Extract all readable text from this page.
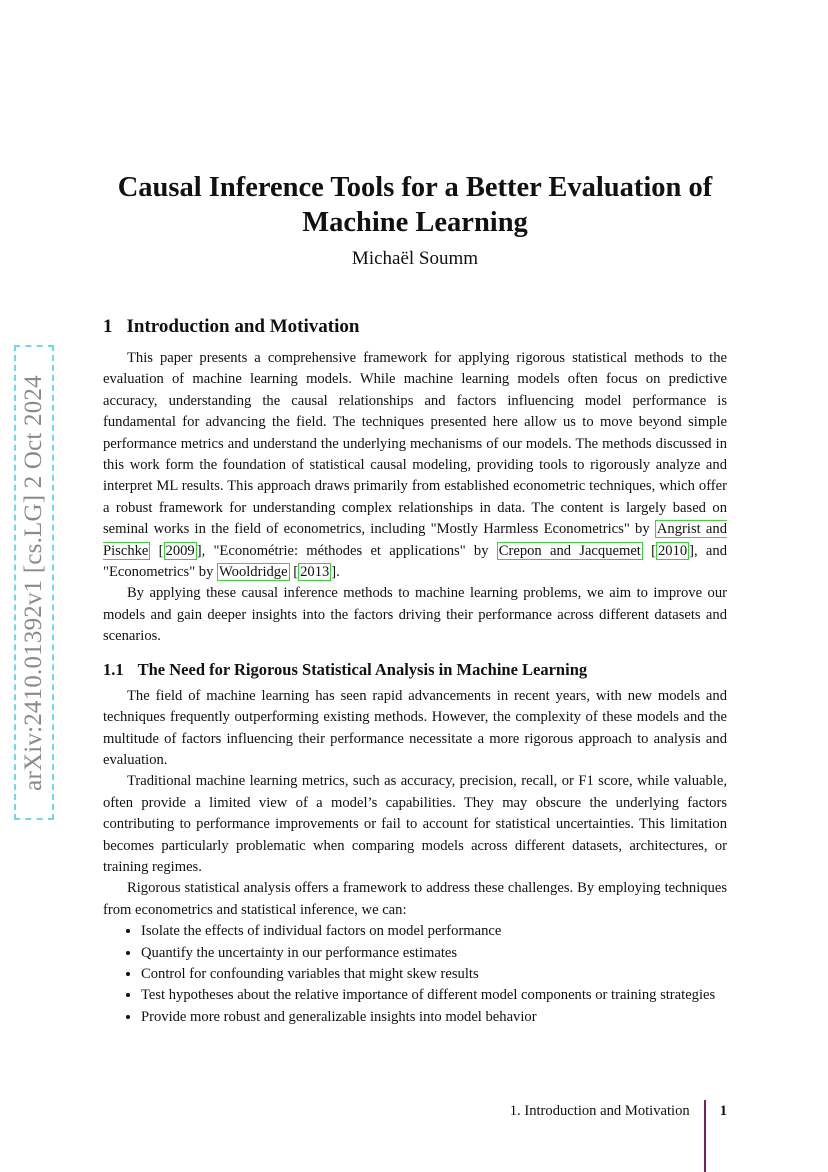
arXiv:2410.01392v1 [cs.LG] 2 Oct 2024
Causal Inference Tools for a Better Evaluation of Machine Learning
Michaël Soumm
1 Introduction and Motivation

This paper presents a comprehensive framework for applying rigorous statistical methods to the evaluation of machine learning models. While machine learning models often focus on predictive accuracy, understanding the causal relationships and factors influencing model performance is fundamental for advancing the field. The techniques presented here allow us to move beyond simple performance metrics and understand the underlying mechanisms of our models. The methods discussed in this work form the foundation of statistical causal modeling, providing tools to rigorously analyze and interpret ML results. This approach draws primarily from established econometric techniques, which offer a robust framework for understanding complex relationships in data. The content is largely based on seminal works in the field of econometrics, including "Mostly Harmless Econometrics" by Angrist and Pischke [ 2009 ], "Econométrie: méthodes et applications" by Crepon and Jacquemet [ 2010 ], and "Econometrics" by Wooldridge [ 2013 ].

By applying these causal inference methods to machine learning problems, we aim to improve our models and gain deeper insights into the factors driving their performance across different datasets and scenarios.

1.1 The Need for Rigorous Statistical Analysis in Machine Learning

The field of machine learning has seen rapid advancements in recent years, with new models and techniques frequently outperforming existing methods. However, the complexity of these models and the multitude of factors influencing their performance necessitate a more rigorous approach to analysis and evaluation.

Traditional machine learning metrics, such as accuracy, precision, recall, or F1 score, while valuable, often provide a limited view of a model’s capabilities. They may obscure the underlying factors contributing to performance improvements or fail to account for statistical uncertainties. This limitation becomes particularly problematic when comparing models across different datasets, architectures, or training regimes.

Rigorous statistical analysis offers a framework to address these challenges. By employing techniques from econometrics and statistical inference, we can:

• Isolate the effects of individual factors on model performance
• Quantify the uncertainty in our performance estimates
• Control for confounding variables that might skew results
• Test hypotheses about the relative importance of different model components or training strategies
• Provide more robust and generalizable insights into model behavior
1. Introduction and Motivation	1
